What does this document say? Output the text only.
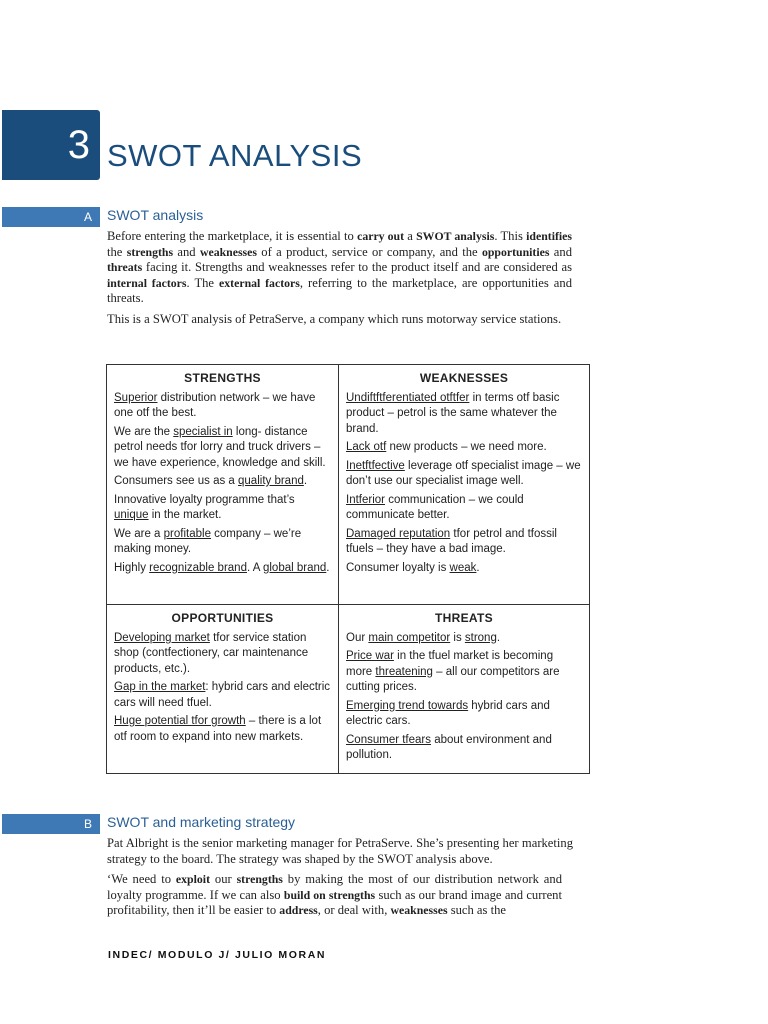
3 SWOT ANALYSIS
A SWOT analysis

Before entering the marketplace, it is essential to carry out a SWOT analysis. This identifies the strengths and weaknesses of a product, service or company, and the opportunities and threats facing it. Strengths and weaknesses refer to the product itself and are considered as internal factors. The external factors, referring to the marketplace, are opportunities and threats.

This is a SWOT analysis of PetraServe, a company which runs motorway service stations.

STRENGTHS

Superior distribution network – we have one otf the best.

We are the specialist in long- distance petrol needs tfor lorry and truck drivers – we have experience, knowledge and skill.

Consumers see us as a quality brand.

Innovative loyalty programme that’s unique in the market.

We are a profitable company – we’re making money.

Highly recognizable brand. A global brand.

WEAKNESSES

Undiftftferentiated otftfer in terms otf basic product – petrol is the same whatever the brand.

Lack otf new products – we need more.

Inetftfective leverage otf specialist image – we don’t use our specialist image well.

Intferior communication – we could communicate better.

Damaged reputation tfor petrol and tfossil tfuels – they have a bad image.

Consumer loyalty is weak.

OPPORTUNITIES

Developing market tfor service station shop (contfectionery, car maintenance products, etc.).

Gap in the market: hybrid cars and electric cars will need tfuel.

Huge potential tfor growth – there is a lot otf room to expand into new markets.

THREATS

Our main competitor is strong.

Price war in the tfuel market is becoming more threatening – all our competitors are cutting prices.

Emerging trend towards hybrid cars and electric cars.

Consumer tfears about environment and pollution.

B SWOT and marketing strategy

Pat Albright is the senior marketing manager for PetraServe. She’s presenting her marketing strategy to the board. The strategy was shaped by the SWOT analysis above.

‘We need to exploit our strengths by making the most of our distribution network and loyalty programme. If we can also build on strengths such as our brand image and current profitability, then it’ll be easier to address, or deal with, weaknesses such as the

INDEC/ MODULO J/ JULIO MORAN
